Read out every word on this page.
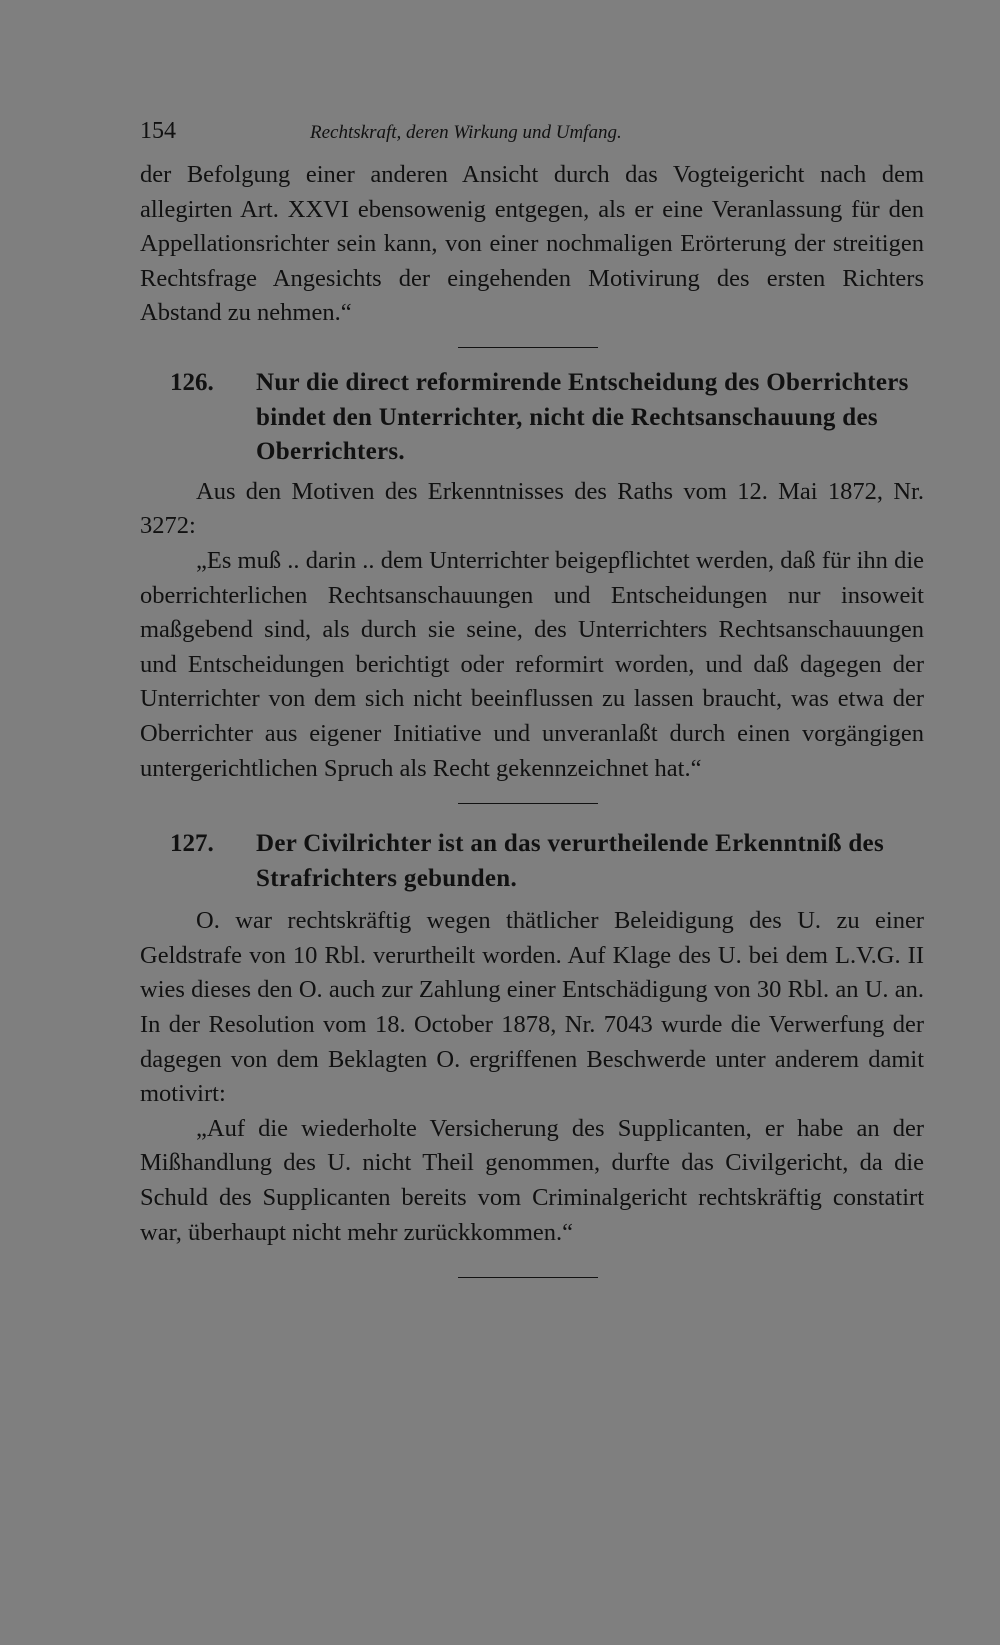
154	Rechtskraft, deren Wirkung und Umfang.

der Befolgung einer anderen Ansicht durch das Vogteigericht nach dem allegirten Art. XXVI ebensowenig entgegen, als er eine Veranlassung für den Appellationsrichter sein kann, von einer nochmaligen Erörterung der streitigen Rechtsfrage Angesichts der eingehenden Motivirung des ersten Richters Abstand zu nehmen.“

126.	Nur die direct reformirende Entscheidung des Oberrichters bindet den Unterrichter, nicht die Rechtsanschauung des Oberrichters.

Aus den Motiven des Erkenntnisses des Raths vom 12. Mai 1872, Nr. 3272:

„Es muß .. darin .. dem Unterrichter beigepflichtet werden, daß für ihn die oberrichterlichen Rechtsanschauungen und Entscheidungen nur insoweit maßgebend sind, als durch sie seine, des Unterrichters Rechtsanschauungen und Entscheidungen berichtigt oder reformirt worden, und daß dagegen der Unterrichter von dem sich nicht beeinflussen zu lassen braucht, was etwa der Oberrichter aus eigener Initiative und unveranlaßt durch einen vorgängigen untergerichtlichen Spruch als Recht gekennzeichnet hat.“

127.	Der Civilrichter ist an das verurtheilende Erkenntniß des Strafrichters gebunden.

O. war rechtskräftig wegen thätlicher Beleidigung des U. zu einer Geldstrafe von 10 Rbl. verurtheilt worden. Auf Klage des U. bei dem L.V.G. II wies dieses den O. auch zur Zahlung einer Entschädigung von 30 Rbl. an U. an. In der Resolution vom 18. October 1878, Nr. 7043 wurde die Verwerfung der dagegen von dem Beklagten O. ergriffenen Beschwerde unter anderem damit motivirt:

„Auf die wiederholte Versicherung des Supplicanten, er habe an der Mißhandlung des U. nicht Theil genommen, durfte das Civilgericht, da die Schuld des Supplicanten bereits vom Criminalgericht rechtskräftig constatirt war, überhaupt nicht mehr zurückkommen.“
